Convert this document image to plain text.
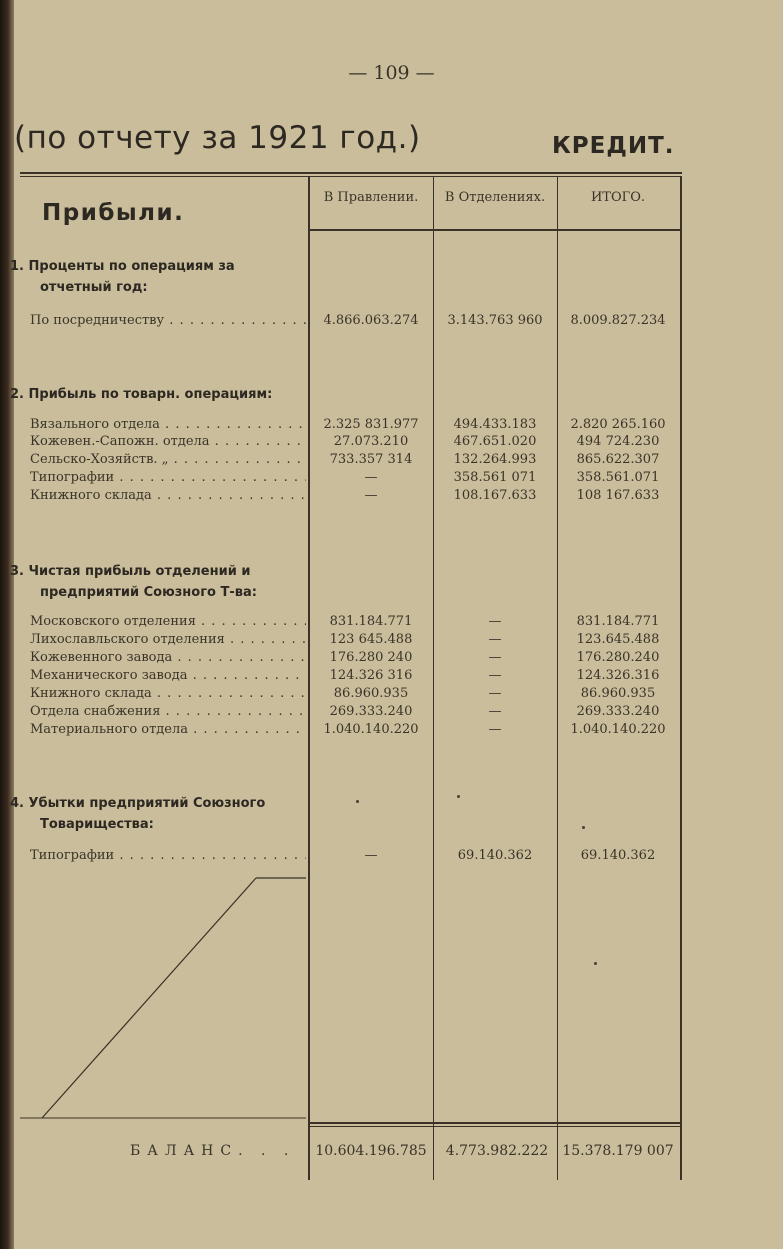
— 109 —
(по отчету за 1921 год.)	КРЕДИТ.
В Правлении.	В Отделениях.	ИТОГО.
Прибыли.
1. Проценты по операциям за
отчетный год:
По посредничеству . . .	4.866.063.274	3.143.763 960	8.009.827.234
2. Прибыль по товарн. операциям:
Вязального отдела . . .	2.325 831.977	494.433.183	2.820 265.160
Кожевен.-Сапожн. отдела . . .	27.073.210	467.651.020	494 724.230
Сельско-Хозяйств. „ . . .	733.357 314	132.264.993	865.622.307
Типографии . . .	—	358.561 071	358.561.071
Книжного склада . . .	—	108.167.633	108 167.633
3. Чистая прибыль отделений и
предприятий Союзного Т-ва:
Московского отделения . . .	831.184.771	—	831.184.771
Лихославльского отделения . . .	123 645.488	—	123.645.488
Кожевенного завода . . .	176.280 240	—	176.280.240
Механического завода . . .	124.326 316	—	124.326.316
Книжного склада . . .	86.960.935	—	86.960.935
Отдела снабжения . . .	269.333.240	—	269.333.240
Материального отдела . . .	1.040.140.220	—	1.040.140.220
4. Убытки предприятий Союзного
Товарищества:
Типографии . . .	—	69.140.362	69.140.362
БАЛАНС. . .	10.604.196.785	4.773.982.222	15.378.179 007
